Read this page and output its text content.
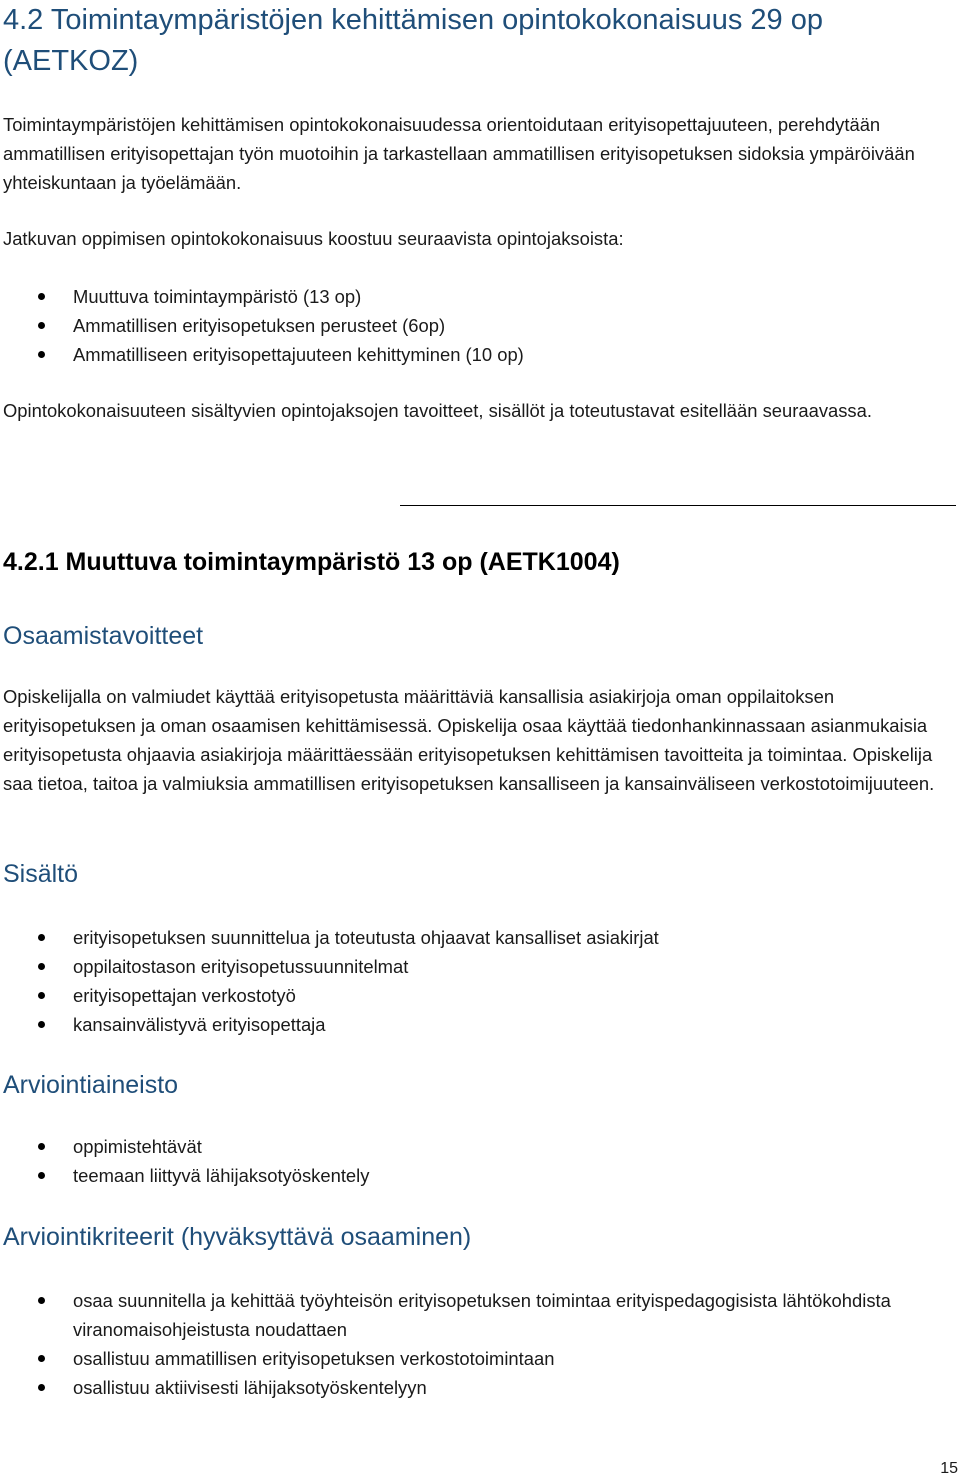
4.2 Toimintaympäristöjen kehittämisen opintokokonaisuus 29 op (AETKOZ)

Toimintaympäristöjen kehittämisen opintokokonaisuudessa orientoidutaan erityisopettajuuteen, perehdytään ammatillisen erityisopettajan työn muotoihin ja tarkastellaan ammatillisen erityisopetuksen sidoksia ympäröivään yhteiskuntaan ja työelämään.

Jatkuvan oppimisen opintokokonaisuus koostuu seuraavista opintojaksoista:

Muuttuva toimintaympäristö (13 op)
Ammatillisen erityisopetuksen perusteet (6op)
Ammatilliseen erityisopettajuuteen kehittyminen (10 op)

Opintokokonaisuuteen sisältyvien opintojaksojen tavoitteet, sisällöt ja toteutustavat esitellään seuraavassa.

4.2.1 Muuttuva toimintaympäristö 13 op (AETK1004)
Osaamistavoitteet

Opiskelijalla on valmiudet käyttää erityisopetusta määrittäviä kansallisia asiakirjoja oman oppilaitoksen erityisopetuksen ja oman osaamisen kehittämisessä. Opiskelija osaa käyttää tiedonhankinnassaan asianmukaisia erityisopetusta ohjaavia asiakirjoja määrittäessään erityisopetuksen kehittämisen tavoitteita ja toimintaa. Opiskelija saa tietoa, taitoa ja valmiuksia ammatillisen erityisopetuksen kansalliseen ja kansainväliseen verkostotoimijuuteen.

Sisältö
erityisopetuksen suunnittelua ja toteutusta ohjaavat kansalliset asiakirjat
oppilaitostason erityisopetussuunnitelmat
erityisopettajan verkostotyö
kansainvälistyvä erityisopettaja
Arviointiaineisto
oppimistehtävät
teemaan liittyvä lähijaksotyöskentely
Arviointikriteerit (hyväksyttävä osaaminen)
osaa suunnitella ja kehittää työyhteisön erityisopetuksen toimintaa erityispedagogisista lähtökohdista viranomaisohjeistusta noudattaen
osallistuu ammatillisen erityisopetuksen verkostotoimintaan
osallistuu aktiivisesti lähijaksotyöskentelyyn
15
